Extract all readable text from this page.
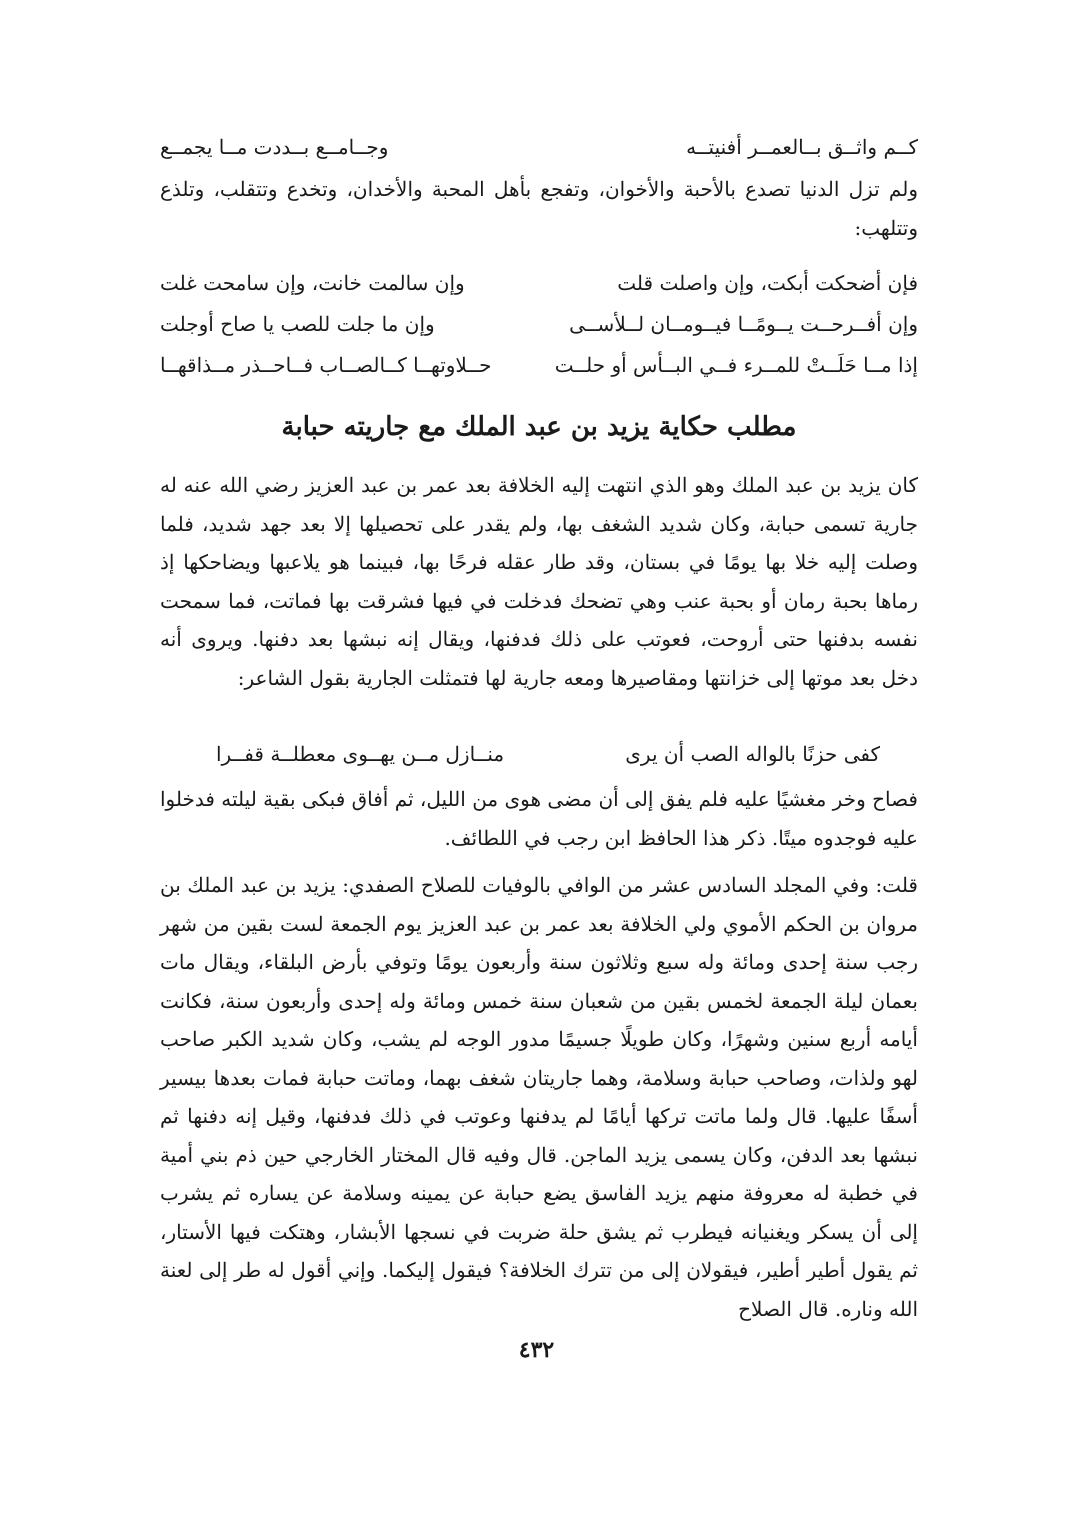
كــم واثــق بــالعمــر أفنيتــه
وجــامــع بــددت مــا يجمــع

ولم تزل الدنيا تصدع بالأحبة والأخوان، وتفجع بأهل المحبة والأخدان، وتخدع وتتقلب، وتلذع وتتلهب:

فإن أضحكت أبكت، وإن واصلت قلت
وإن سالمت خانت، وإن سامحت غلت
وإن أفــرحــت يــومًــا فيــومــان لــلأســى
وإن ما جلت للصب يا صاح أوجلت
إذا مــا حَلَــتْ للمــرء فــي البــأس أو حلــت
حــلاوتهــا كــالصــاب فــاحــذر مــذاقهــا
مطلب حكاية يزيد بن عبد الملك مع جاريته حبابة

كان يزيد بن عبد الملك وهو الذي انتهت إليه الخلافة بعد عمر بن عبد العزيز رضي الله عنه له جارية تسمى حبابة، وكان شديد الشغف بها، ولم يقدر على تحصيلها إلا بعد جهد شديد، فلما وصلت إليه خلا بها يومًا في بستان، وقد طار عقله فرحًا بها، فبينما هو يلاعبها ويضاحكها إذ رماها بحبة رمان أو بحبة عنب وهي تضحك فدخلت في فيها فشرقت بها فماتت، فما سمحت نفسه بدفنها حتى أروحت، فعوتب على ذلك فدفنها، ويقال إنه نبشها بعد دفنها. ويروى أنه دخل بعد موتها إلى خزانتها ومقاصيرها ومعه جارية لها فتمثلت الجارية بقول الشاعر:

كفى حزنًا بالواله الصب أن يرى
منــازل مــن يهــوى معطلــة قفــرا

فصاح وخر مغشيًا عليه فلم يفق إلى أن مضى هوى من الليل، ثم أفاق فبكى بقية ليلته فدخلوا عليه فوجدوه ميتًا. ذكر هذا الحافظ ابن رجب في اللطائف.

قلت: وفي المجلد السادس عشر من الوافي بالوفيات للصلاح الصفدي: يزيد بن عبد الملك بن مروان بن الحكم الأموي ولي الخلافة بعد عمر بن عبد العزيز يوم الجمعة لست بقين من شهر رجب سنة إحدى ومائة وله سبع وثلاثون سنة وأربعون يومًا وتوفي بأرض البلقاء، ويقال مات بعمان ليلة الجمعة لخمس بقين من شعبان سنة خمس ومائة وله إحدى وأربعون سنة، فكانت أيامه أربع سنين وشهرًا، وكان طويلًا جسيمًا مدور الوجه لم يشب، وكان شديد الكبر صاحب لهو ولذات، وصاحب حبابة وسلامة، وهما جاريتان شغف بهما، وماتت حبابة فمات بعدها بيسير أسفًا عليها. قال ولما ماتت تركها أيامًا لم يدفنها وعوتب في ذلك فدفنها، وقيل إنه دفنها ثم نبشها بعد الدفن، وكان يسمى يزيد الماجن. قال وفيه قال المختار الخارجي حين ذم بني أمية في خطبة له معروفة منهم يزيد الفاسق يضع حبابة عن يمينه وسلامة عن يساره ثم يشرب إلى أن يسكر ويغنيانه فيطرب ثم يشق حلة ضربت في نسجها الأبشار، وهتكت فيها الأستار، ثم يقول أطير أطير، فيقولان إلى من تترك الخلافة؟ فيقول إليكما. وإني أقول له طر إلى لعنة الله وناره. قال الصلاح

٤٣٢
